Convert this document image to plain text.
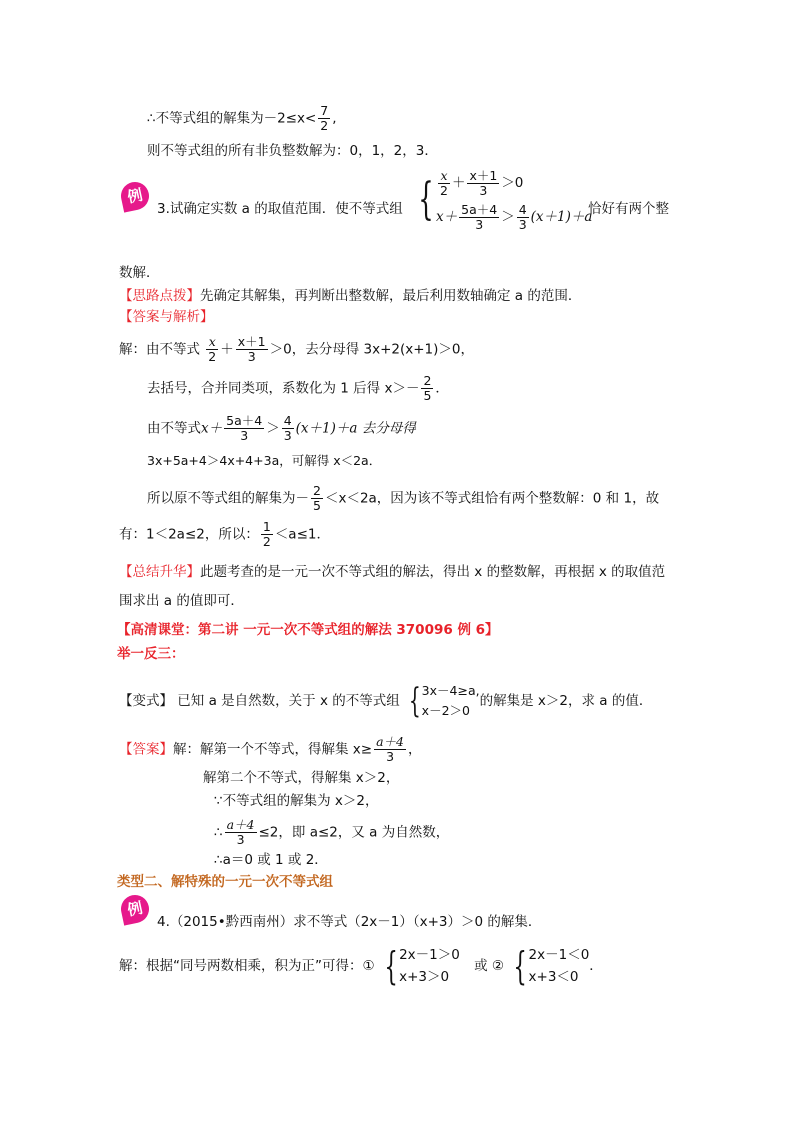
∴不等式组的解集为$-2\le x< \frac{7}{2}$ ,
则不等式组的所有非负整数解为：0，1，2，3．
例
3.试确定实数 a 的取值范围．使不等式组 { $\frac{x}{2} + \frac{x+1}{3} >0$
$x+ \frac{5a+4}{3} > \frac{4}{3} (x+1)+a$
恰好有两个整
数解．
【思路点拨】先确定其解集，再判断出整数解，最后利用数轴确定 a 的范围．
【答案与解析】
解：由不等式 $\frac{x}{2} + \frac{x+1}{3} >0$，去分母得 3x+2(x+1)＞0，
去括号，合并同类项，系数化为 1 后得 $x>- \frac{2}{5}$ ．
由不等式$x+ \frac{5a+4}{3} > \frac{4}{3} (x+1)+a$ 去分母得
3x+5a+4＞4x+4+3a，可解得 x＜2a．
所以原不等式组的解集为－ $\frac{2}{5} <x<2a$，因为该不等式组恰有两个整数解：0 和 1，故
有：1＜2a≤2，所以： $\frac{1}{2} <a\le 1$．
【总结升华】此题考查的是一元一次不等式组的解法，得出 x 的整数解，再根据 x 的取值范
围求出 a 的值即可．
【高清课堂：第二讲 一元一次不等式组的解法 370096 例 6】
举一反三：
【变式】 已知 a 是自然数，关于 x 的不等式组 { 3x－4≥a,
x－2＞0
的解集是 x＞2，求 a 的值．
【答案】解：解第一个不等式，得解集 $x\ge \frac{a+4}{3}$ ，
解第二个不等式，得解集 x＞2，
∵不等式组的解集为 x＞2，
∴ $\frac{a+4}{3} \le 2$，即 a≤2，又 a 为自然数，
∴a＝0 或 1 或 2．
类型二、解特殊的一元一次不等式组
例
4.（2015•黔西南州）求不等式（2x－1）（x+3）＞0 的解集．
解：根据“同号两数相乘，积为正”可得：① { 2x－1＞0
x+3＞0
或 ② { 2x－1＜0
x+3＜0
．
